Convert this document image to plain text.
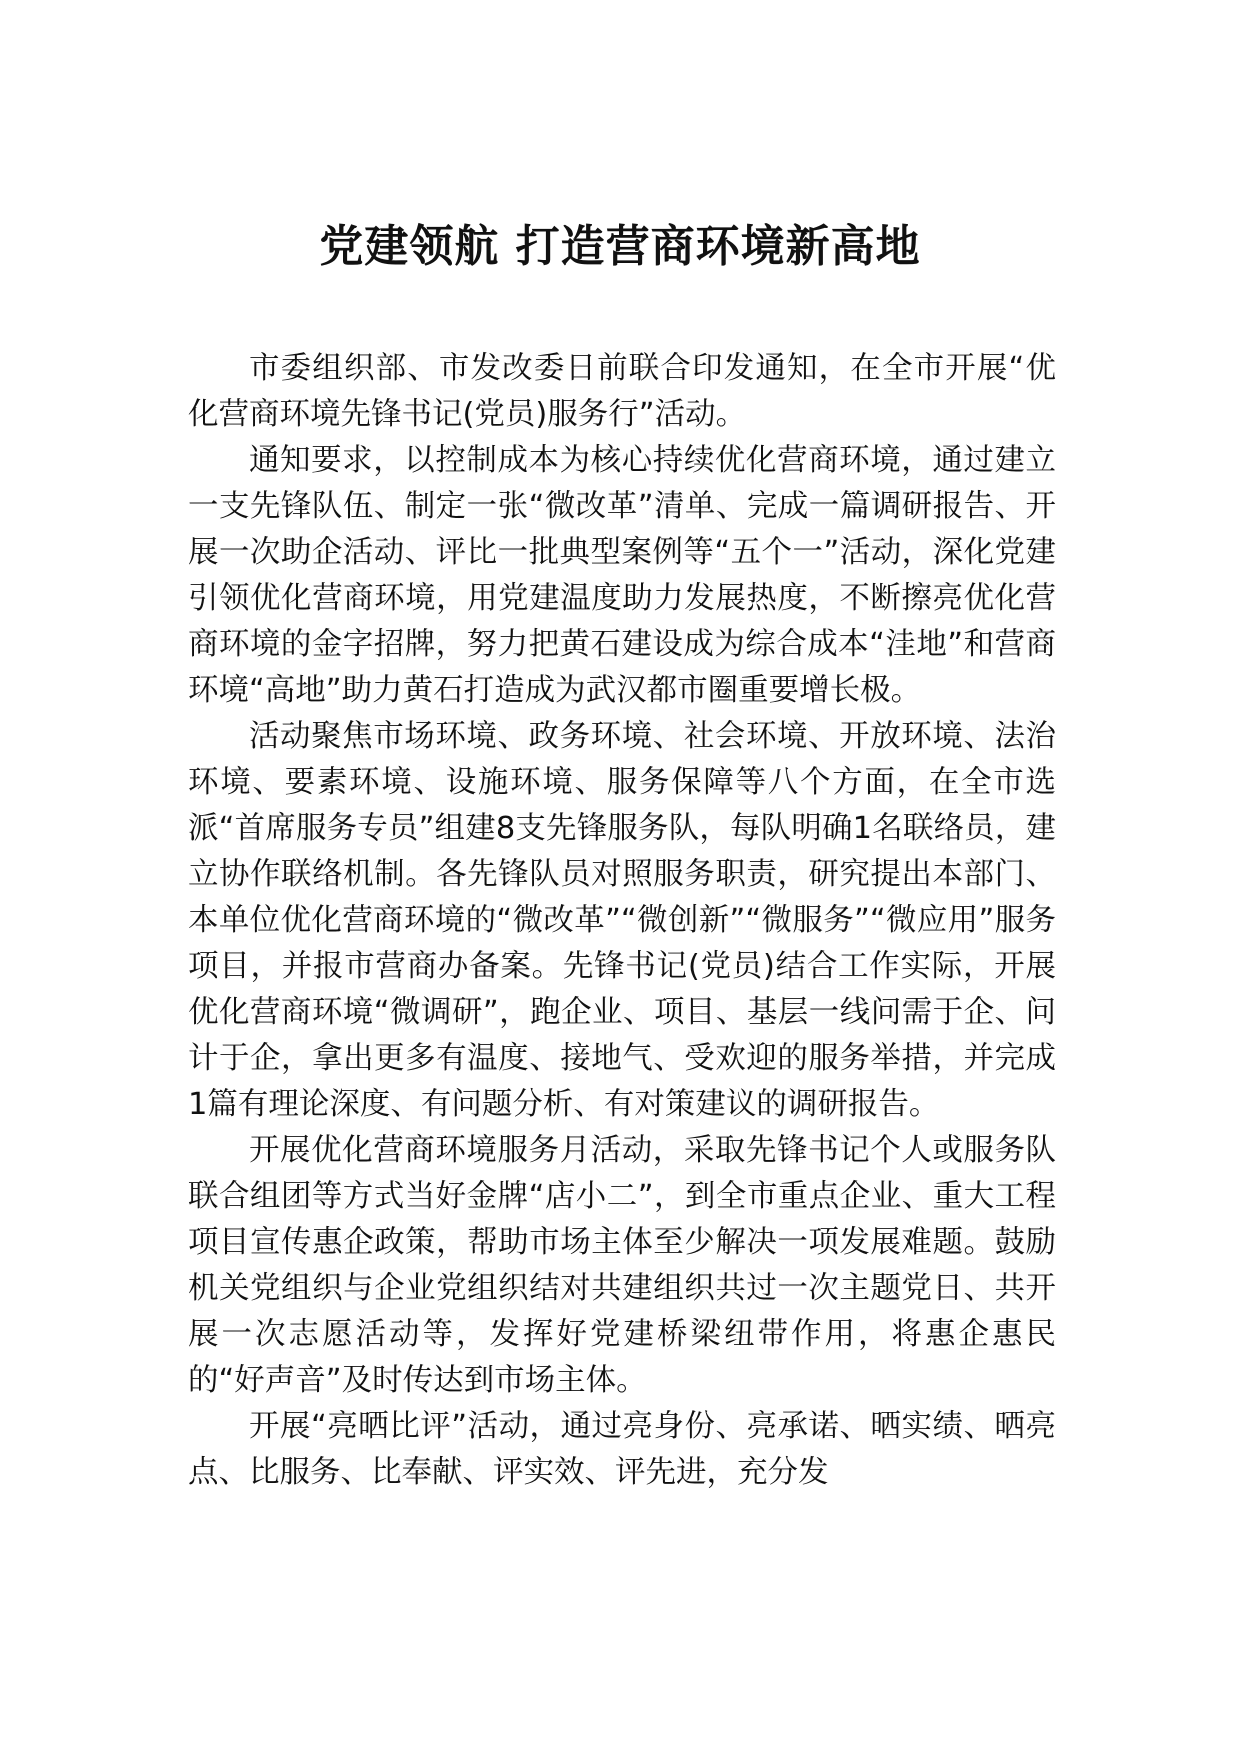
党建领航 打造营商环境新高地

市委组织部、市发改委日前联合印发通知，在全市开展“优化营商环境先锋书记(党员)服务行”活动。

通知要求，以控制成本为核心持续优化营商环境，通过建立一支先锋队伍、制定一张“微改革”清单、完成一篇调研报告、开展一次助企活动、评比一批典型案例等“五个一”活动，深化党建引领优化营商环境，用党建温度助力发展热度，不断擦亮优化营商环境的金字招牌，努力把黄石建设成为综合成本“洼地”和营商环境“高地”助力黄石打造成为武汉都市圈重要增长极。

活动聚焦市场环境、政务环境、社会环境、开放环境、法治环境、要素环境、设施环境、服务保障等八个方面，在全市选派“首席服务专员”组建8支先锋服务队，每队明确1名联络员，建立协作联络机制。各先锋队员对照服务职责，研究提出本部门、本单位优化营商环境的“微改革”“微创新”“微服务”“微应用”服务项目，并报市营商办备案。先锋书记(党员)结合工作实际，开展优化营商环境“微调研”，跑企业、项目、基层一线问需于企、问计于企，拿出更多有温度、接地气、受欢迎的服务举措，并完成1篇有理论深度、有问题分析、有对策建议的调研报告。

开展优化营商环境服务月活动，采取先锋书记个人或服务队联合组团等方式当好金牌“店小二”，到全市重点企业、重大工程项目宣传惠企政策，帮助市场主体至少解决一项发展难题。鼓励机关党组织与企业党组织结对共建组织共过一次主题党日、共开展一次志愿活动等，发挥好党建桥梁纽带作用，将惠企惠民的“好声音”及时传达到市场主体。

开展“亮晒比评”活动，通过亮身份、亮承诺、晒实绩、晒亮点、比服务、比奉献、评实效、评先进，充分发
